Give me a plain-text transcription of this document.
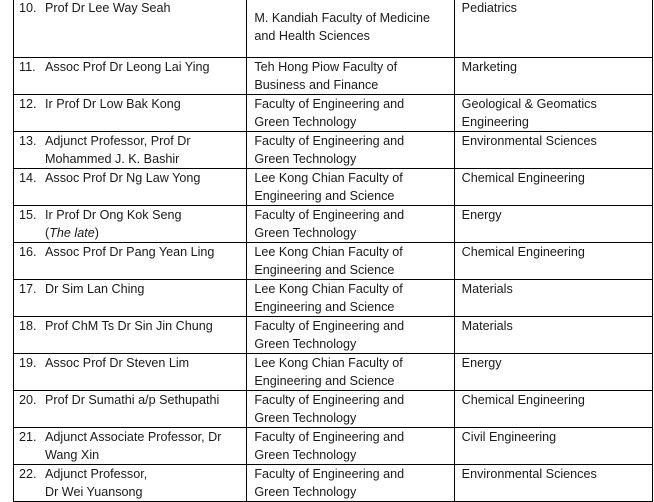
10. Prof Dr Lee Way Seah	M. Kandiah Faculty of Medicine
and Health Sciences	Pediatrics
11. Assoc Prof Dr Leong Lai Ying	Teh Hong Piow Faculty of
Business and Finance	Marketing
12. Ir Prof Dr Low Bak Kong	Faculty of Engineering and
Green Technology	Geological & Geomatics Engineering
13. Adjunct Professor, Prof Dr
Mohammed J. K. Bashir	Faculty of Engineering and
Green Technology	Environmental Sciences
14. Assoc Prof Dr Ng Law Yong	Lee Kong Chian Faculty of
Engineering and Science	Chemical Engineering
15. Ir Prof Dr Ong Kok Seng
(The late)	Faculty of Engineering and
Green Technology	Energy
16. Assoc Prof Dr Pang Yean Ling	Lee Kong Chian Faculty of
Engineering and Science	Chemical Engineering
17. Dr Sim Lan Ching	Lee Kong Chian Faculty of
Engineering and Science	Materials
18. Prof ChM Ts Dr Sin Jin Chung	Faculty of Engineering and
Green Technology	Materials
19. Assoc Prof Dr Steven Lim	Lee Kong Chian Faculty of
Engineering and Science	Energy
20. Prof Dr Sumathi a/p Sethupathi	Faculty of Engineering and
Green Technology	Chemical Engineering
21. Adjunct Associate Professor, Dr
Wang Xin	Faculty of Engineering and
Green Technology	Civil Engineering
22. Adjunct Professor,
Dr Wei Yuansong	Faculty of Engineering and
Green Technology	Environmental Sciences
